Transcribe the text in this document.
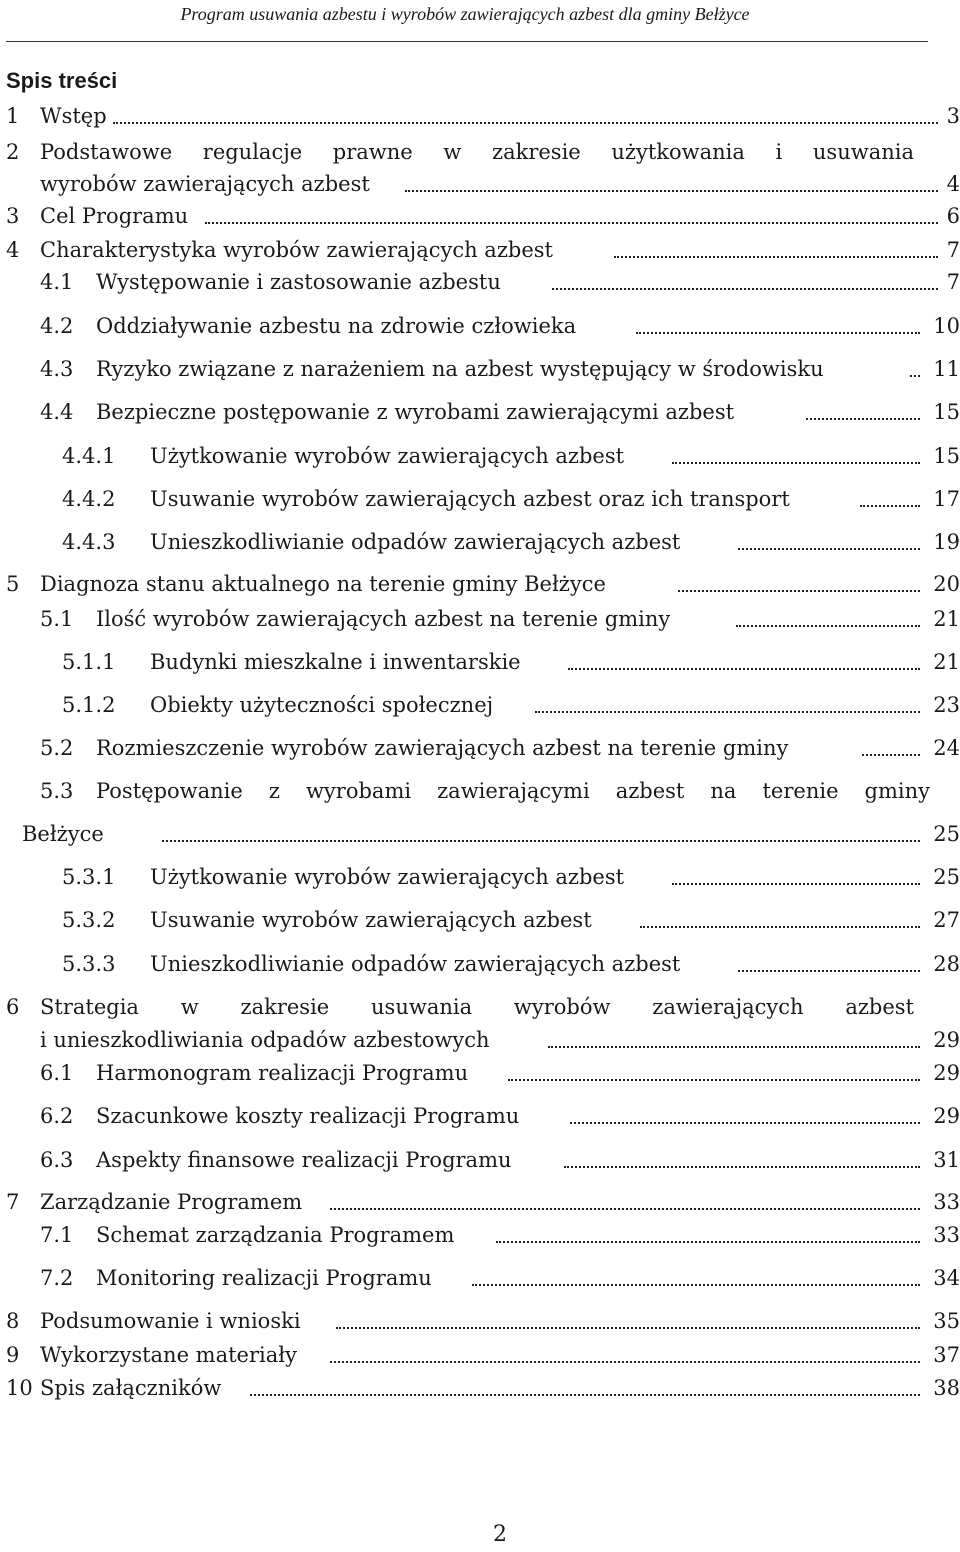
Program usuwania azbestu i wyrobów zawierających azbest dla gminy Bełżyce
Spis treści
1 Wstęp	3
2 Podstawowe regulacje prawne w zakresie użytkowania i usuwania
wyrobów zawierających azbest	4
3 Cel Programu	6
4 Charakterystyka wyrobów zawierających azbest	7
4.1 Występowanie i zastosowanie azbestu	7
4.2 Oddziaływanie azbestu na zdrowie człowieka	10
4.3 Ryzyko związane z narażeniem na azbest występujący w środowisku	11
4.4 Bezpieczne postępowanie z wyrobami zawierającymi azbest	15
4.4.1 Użytkowanie wyrobów zawierających azbest	15
4.4.2 Usuwanie wyrobów zawierających azbest oraz ich transport	17
4.4.3 Unieszkodliwianie odpadów zawierających azbest	19
5 Diagnoza stanu aktualnego na terenie gminy Bełżyce	20
5.1 Ilość wyrobów zawierających azbest na terenie gminy	21
5.1.1 Budynki mieszkalne i inwentarskie	21
5.1.2 Obiekty użyteczności społecznej	23
5.2 Rozmieszczenie wyrobów zawierających azbest na terenie gminy	24
5.3 Postępowanie z wyrobami zawierającymi azbest na terenie gminy
Bełżyce	25
5.3.1 Użytkowanie wyrobów zawierających azbest	25
5.3.2 Usuwanie wyrobów zawierających azbest	27
5.3.3 Unieszkodliwianie odpadów zawierających azbest	28
6 Strategia w zakresie usuwania wyrobów zawierających azbest
i unieszkodliwiania odpadów azbestowych	29
6.1 Harmonogram realizacji Programu	29
6.2 Szacunkowe koszty realizacji Programu	29
6.3 Aspekty finansowe realizacji Programu	31
7 Zarządzanie Programem	33
7.1 Schemat zarządzania Programem	33
7.2 Monitoring realizacji Programu	34
8 Podsumowanie i wnioski	35
9 Wykorzystane materiały	37
10 Spis załączników	38
2
